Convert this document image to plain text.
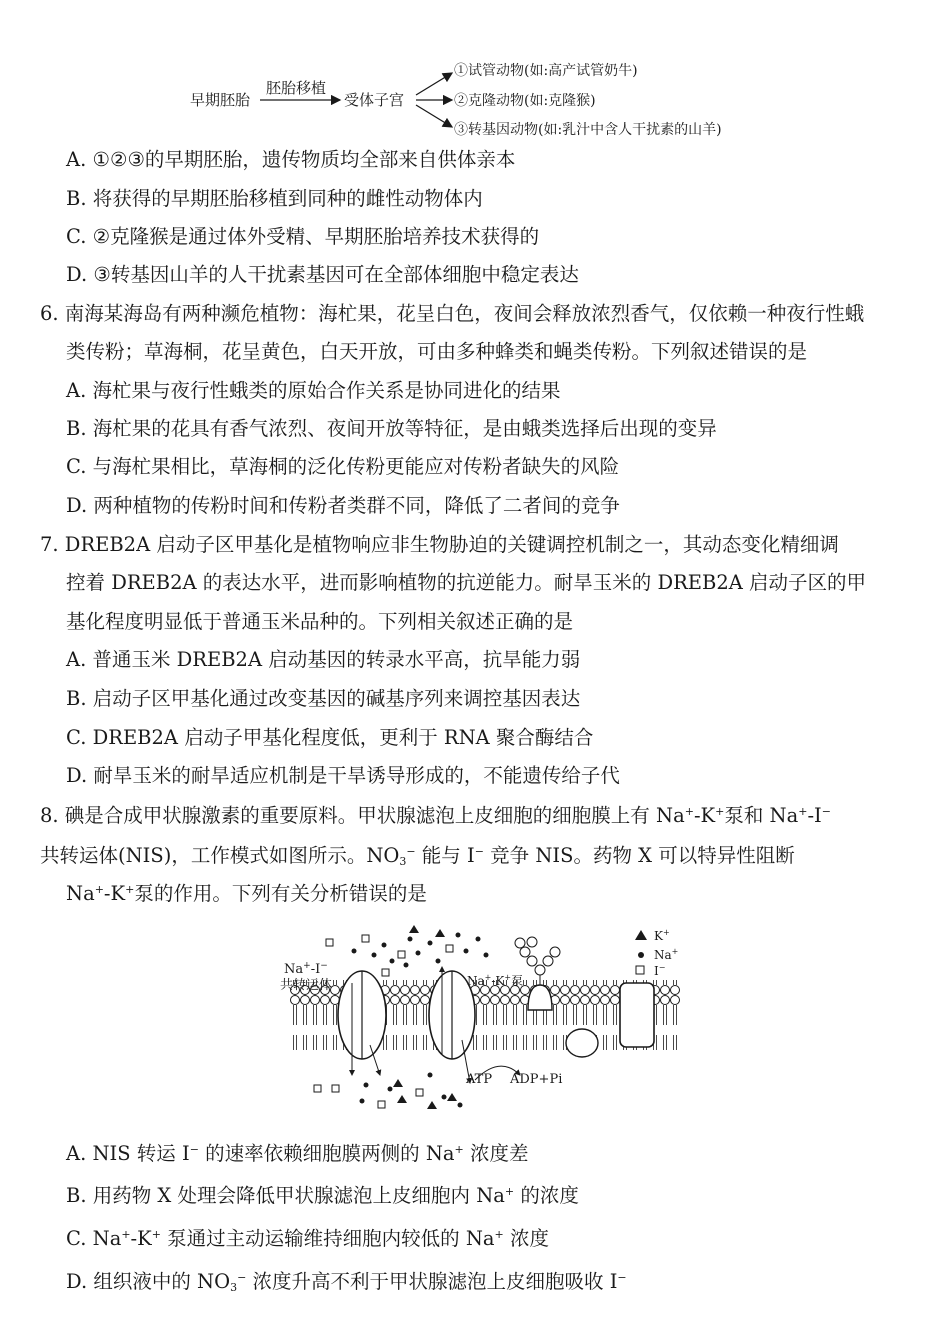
早期胚胎
胚胎移植
受体子宫
①试管动物(如:高产试管奶牛)
②克隆动物(如:克隆猴)
③转基因动物(如:乳汁中含人干扰素的山羊)
A. ①②③的早期胚胎，遗传物质均全部来自供体亲本
B. 将获得的早期胚胎移植到同种的雌性动物体内
C. ②克隆猴是通过体外受精、早期胚胎培养技术获得的
D. ③转基因山羊的人干扰素基因可在全部体细胞中稳定表达
6. 南海某海岛有两种濒危植物：海杧果，花呈白色，夜间会释放浓烈香气，仅依赖一种夜行性蛾
类传粉；草海桐，花呈黄色，白天开放，可由多种蜂类和蝇类传粉。下列叙述错误的是
A. 海杧果与夜行性蛾类的原始合作关系是协同进化的结果
B. 海杧果的花具有香气浓烈、夜间开放等特征，是由蛾类选择后出现的变异
C. 与海杧果相比，草海桐的泛化传粉更能应对传粉者缺失的风险
D. 两种植物的传粉时间和传粉者类群不同，降低了二者间的竞争
7. DREB2A 启动子区甲基化是植物响应非生物胁迫的关键调控机制之一，其动态变化精细调
控着 DREB2A 的表达水平，进而影响植物的抗逆能力。耐旱玉米的 DREB2A 启动子区的甲
基化程度明显低于普通玉米品种的。下列相关叙述正确的是
A. 普通玉米 DREB2A 启动基因的转录水平高，抗旱能力弱
B. 启动子区甲基化通过改变基因的碱基序列来调控基因表达
C. DREB2A 启动子甲基化程度低，更利于 RNA 聚合酶结合
D. 耐旱玉米的耐旱适应机制是干旱诱导形成的，不能遗传给子代
8. 碘是合成甲状腺激素的重要原料。甲状腺滤泡上皮细胞的细胞膜上有 Na+-K+泵和 Na+-I−
共转运体(NIS)，工作模式如图所示。$NO_3^-$ 能与 I− 竞争 NIS。药物 X 可以特异性阻断
Na+-K+泵的作用。下列有关分析错误的是
Na+-I−
共转运体	Na+-K+泵
ATP ADP+Pi
K+
Na+
I−
A. NIS 转运 I− 的速率依赖细胞膜两侧的 Na+ 浓度差
B. 用药物 X 处理会降低甲状腺滤泡上皮细胞内 Na+ 的浓度
C. Na+-K+ 泵通过主动运输维持细胞内较低的 Na+ 浓度
D. 组织液中的 $NO_3^-$ 浓度升高不利于甲状腺滤泡上皮细胞吸收 I−
